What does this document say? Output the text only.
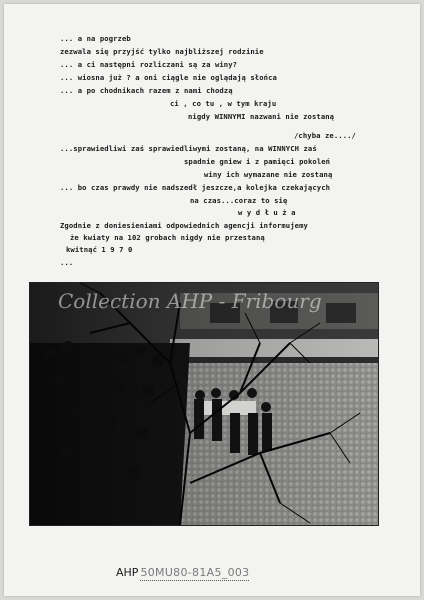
... a na pogrzeb
zezwala się przyjść tylko najbliższej rodzinie
... a ci następni rozliczani są za winy?
... wiosna już ? a oni ciągle nie oglądają słońca
... a po chodnikach razem z nami chodzą
ci , co tu , w tym kraju
nigdy WINNYMI nazwani nie zostaną
/chyba ze..../
...sprawiedliwi zaś sprawiedliwymi zostaną, na WINNYCH zaś
spadnie gniew i z pamięci pokoleń
winy ich wymazane nie zostaną
... bo czas prawdy nie nadszedł jeszcze,a kolejka czekających
na czas...coraz to się
w y d ł u ż a
Zgodnie z doniesieniami odpowiednich agencji informujemy
że kwiaty na 102 grobach nigdy nie przestaną
kwitnąć 1 9 7 0
...
Collection AHP - Fribourg
AHP 50MU80-81A5_003
